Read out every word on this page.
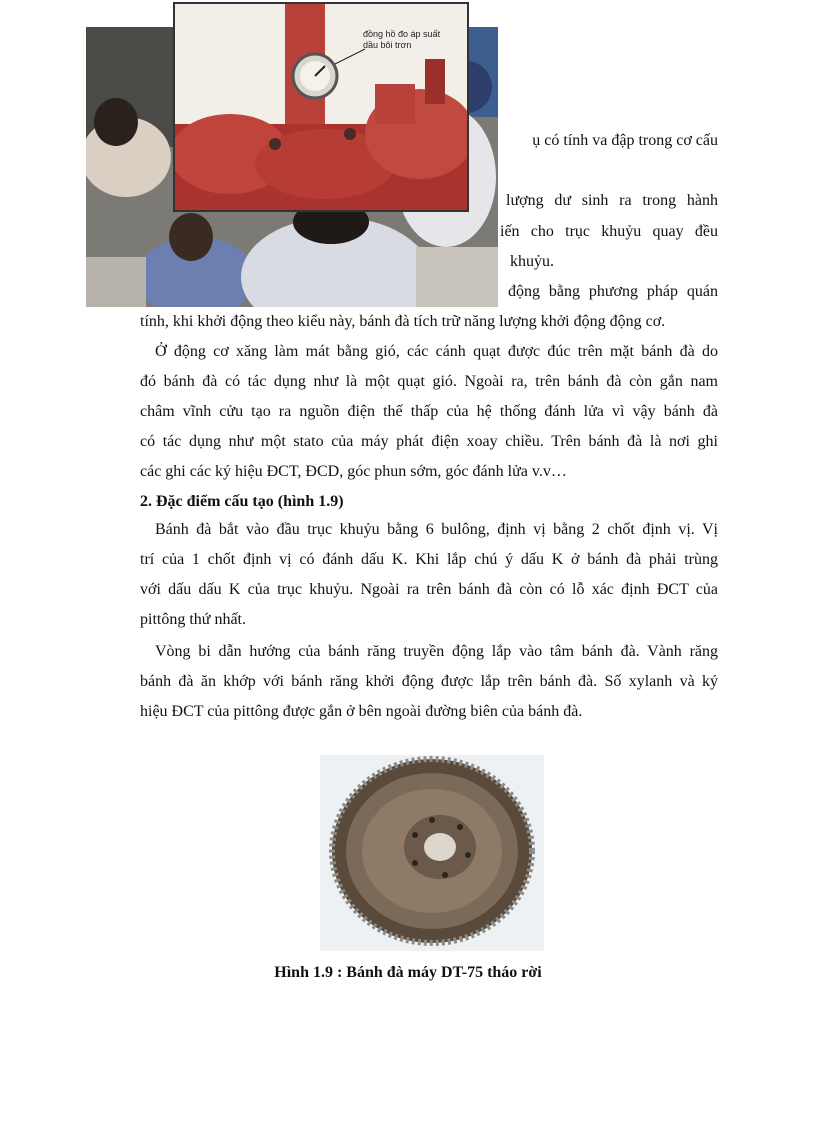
đồng hồ đo áp suất
dầu bôi trơn
ụ có tính va đập trong cơ cấu
lượng dư sinh ra trong hành
iến cho trục khuỷu quay đều
khuỷu.
động bằng phương pháp quán
tính, khi khởi động theo kiểu này, bánh đà tích trữ năng lượng khởi động động cơ.
Ở động cơ xăng làm mát bằng gió, các cánh quạt được đúc trên mặt bánh đà do
đó bánh đà có tác dụng như là một quạt gió. Ngoài ra, trên bánh đà còn gắn nam
châm vĩnh cửu tạo ra nguồn điện thế thấp của hệ thống đánh lửa vì vậy bánh đà
có tác dụng như một stato của máy phát điện xoay chiều. Trên bánh đà là nơi ghi
các ghi các ký hiệu ĐCT, ĐCD, góc phun sớm, góc đánh lửa v.v…
2. Đặc điểm cấu tạo (hình 1.9)
Bánh đà bắt vào đầu trục khuỷu bằng 6 bulông, định vị bằng 2 chốt định vị. Vị
trí của 1 chốt định vị có đánh dấu K. Khi lắp chú ý dấu K ở bánh đà phải trùng
với dấu dấu K của trục khuỷu. Ngoài ra trên bánh đà còn có lỗ xác định ĐCT của
pittông thứ nhất.
Vòng bi dẫn hướng của bánh răng truyền động lắp vào tâm bánh đà. Vành răng
bánh đà ăn khớp với bánh răng khởi động được lắp trên bánh đà. Số xylanh và ký
hiệu ĐCT của pittông được gắn ở bên ngoài đường biên của bánh đà.
Hình 1.9 : Bánh đà máy DT-75 tháo rời
